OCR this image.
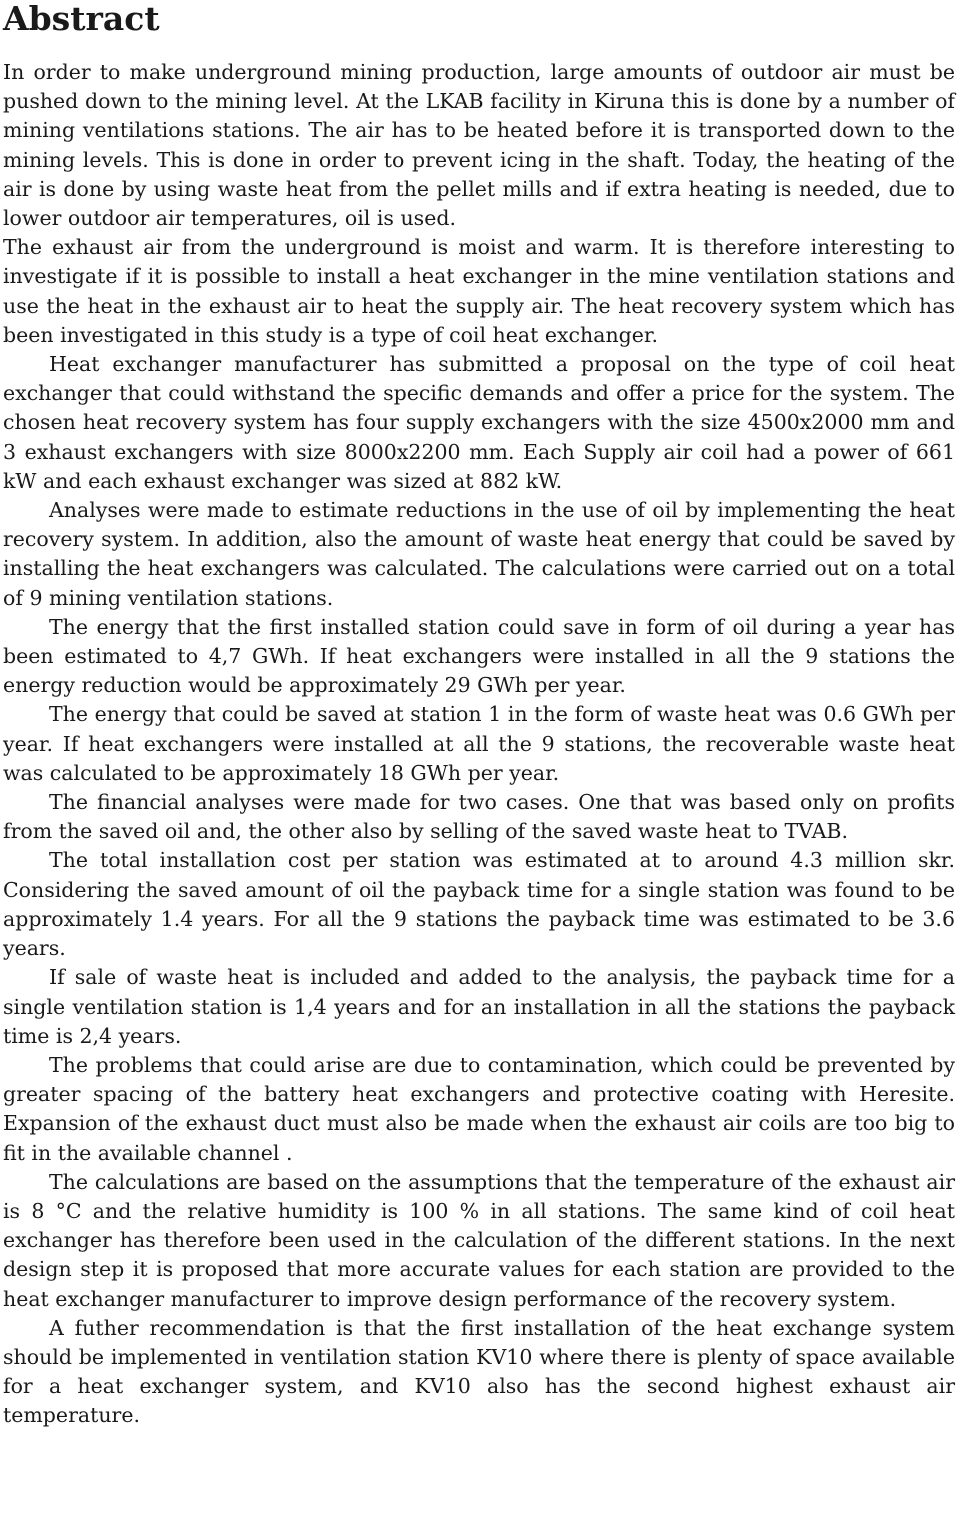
Abstract

In order to make underground mining production, large amounts of outdoor air must be pushed down to the mining level. At the LKAB facility in Kiruna this is done by a number of mining ventilations stations. The air has to be heated before it is transported down to the mining levels. This is done in order to prevent icing in the shaft. Today, the heating of the air is done by using waste heat from the pellet mills and if extra heating is needed, due to lower outdoor air temperatures, oil is used.

The exhaust air from the underground is moist and warm. It is therefore interesting to investigate if it is possible to install a heat exchanger in the mine ventilation stations and use the heat in the exhaust air to heat the supply air. The heat recovery system which has been investigated in this study is a type of coil heat exchanger.

Heat exchanger manufacturer has submitted a proposal on the type of coil heat exchanger that could withstand the specific demands and offer a price for the system. The chosen heat recovery system has four supply exchangers with the size 4500x2000 mm and 3 exhaust exchangers with size 8000x2200 mm. Each Supply air coil had a power of 661 kW and each exhaust exchanger was sized at 882 kW.

Analyses were made to estimate reductions in the use of oil by implementing the heat recovery system. In addition, also the amount of waste heat energy that could be saved by installing the heat exchangers was calculated. The calculations were carried out on a total of 9 mining ventilation stations.

The energy that the first installed station could save in form of oil during a year has been estimated to 4,7 GWh. If heat exchangers were installed in all the 9 stations the energy reduction would be approximately 29 GWh per year.

The energy that could be saved at station 1 in the form of waste heat was 0.6 GWh per year. If heat exchangers were installed at all the 9 stations, the recoverable waste heat was calculated to be approximately 18 GWh per year.

The financial analyses were made for two cases. One that was based only on profits from the saved oil and, the other also by selling of the saved waste heat to TVAB.

The total installation cost per station was estimated at to around 4.3 million skr. Considering the saved amount of oil the payback time for a single station was found to be approximately 1.4 years. For all the 9 stations the payback time was estimated to be 3.6 years.

If sale of waste heat is included and added to the analysis, the payback time for a single ventilation station is 1,4 years and for an installation in all the stations the payback time is 2,4 years.

The problems that could arise are due to contamination, which could be prevented by greater spacing of the battery heat exchangers and protective coating with Heresite. Expansion of the exhaust duct must also be made when the exhaust air coils are too big to fit in the available channel .

The calculations are based on the assumptions that the temperature of the exhaust air is 8 °C and the relative humidity is 100 % in all stations. The same kind of coil heat exchanger has therefore been used in the calculation of the different stations. In the next design step it is proposed that more accurate values for each station are provided to the heat exchanger manufacturer to improve design performance of the recovery system.

A futher recommendation is that the first installation of the heat exchange system should be implemented in ventilation station KV10 where there is plenty of space available for a heat exchanger system, and KV10 also has the second highest exhaust air temperature.
